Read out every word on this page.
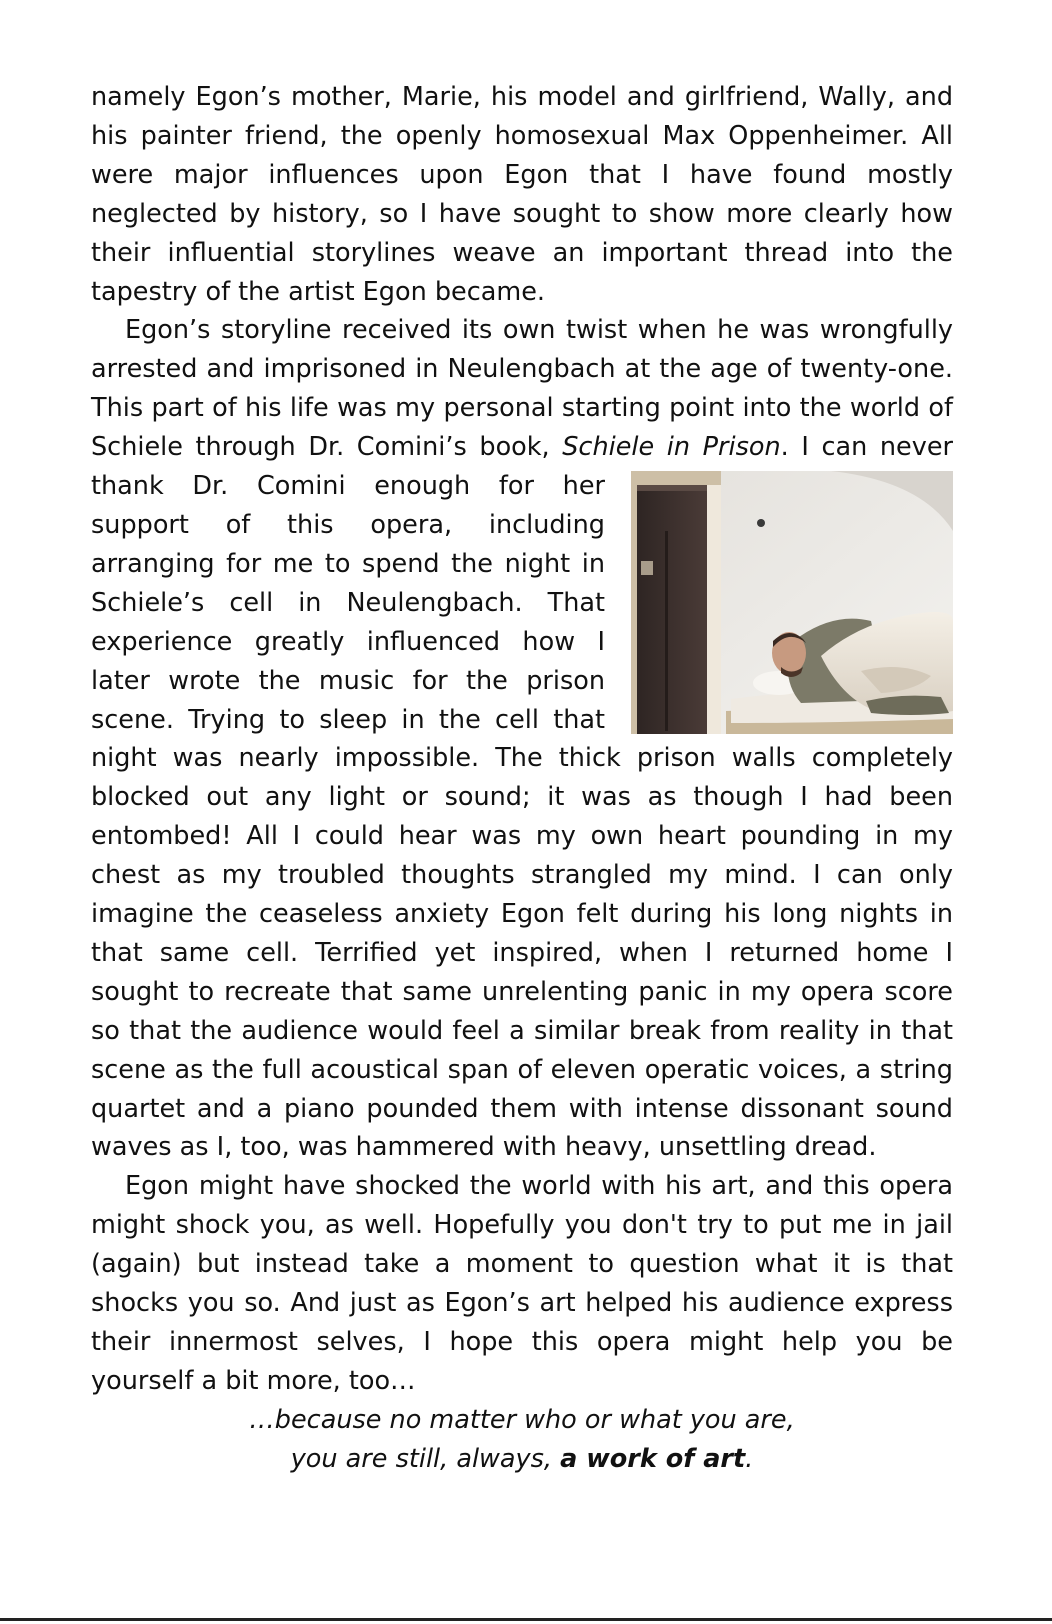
namely Egon’s mother, Marie, his model and girlfriend, Wally, and his painter friend, the openly homosexual Max Oppenheimer. All were major influences upon Egon that I have found mostly neglected by history, so I have sought to show more clearly how their influential storylines weave an important thread into the tapestry of the artist Egon became.

Egon’s storyline received its own twist when he was wrongfully arrested and imprisoned in Neulengbach at the age of twenty-one. This part of his life was my personal starting point into the world of Schiele through Dr. Comini’s book, Schiele in Prison
. I can never thank Dr. Comini enough for her support of this opera, including arranging for me to spend the night in Schiele’s cell in Neulengbach. That experience greatly influenced how I later wrote the music for the prison scene. Trying to sleep in the cell that night was nearly impossible. The thick prison walls completely blocked out any light or sound; it was as though I had been entombed! All I could hear was my own heart pounding in my chest as my troubled thoughts strangled my mind. I can only imagine the ceaseless anxiety Egon felt during his long nights in that same cell. Terrified yet inspired, when I returned home I sought to recreate that same unrelenting panic in my opera score so that the audience would feel a similar break from reality in that scene as the full acoustical span of eleven operatic voices, a string quartet and a piano pounded them with intense dissonant sound waves as I, too, was hammered with heavy, unsettling dread.

Egon might have shocked the world with his art, and this opera might shock you, as well. Hopefully you don't try to put me in jail (again) but instead take a moment to question what it is that shocks you so. And just as Egon’s art helped his audience express their innermost selves, I hope this opera might help you be yourself a bit more, too…

…because no matter who or what you are,

you are still, always, a work of art.
